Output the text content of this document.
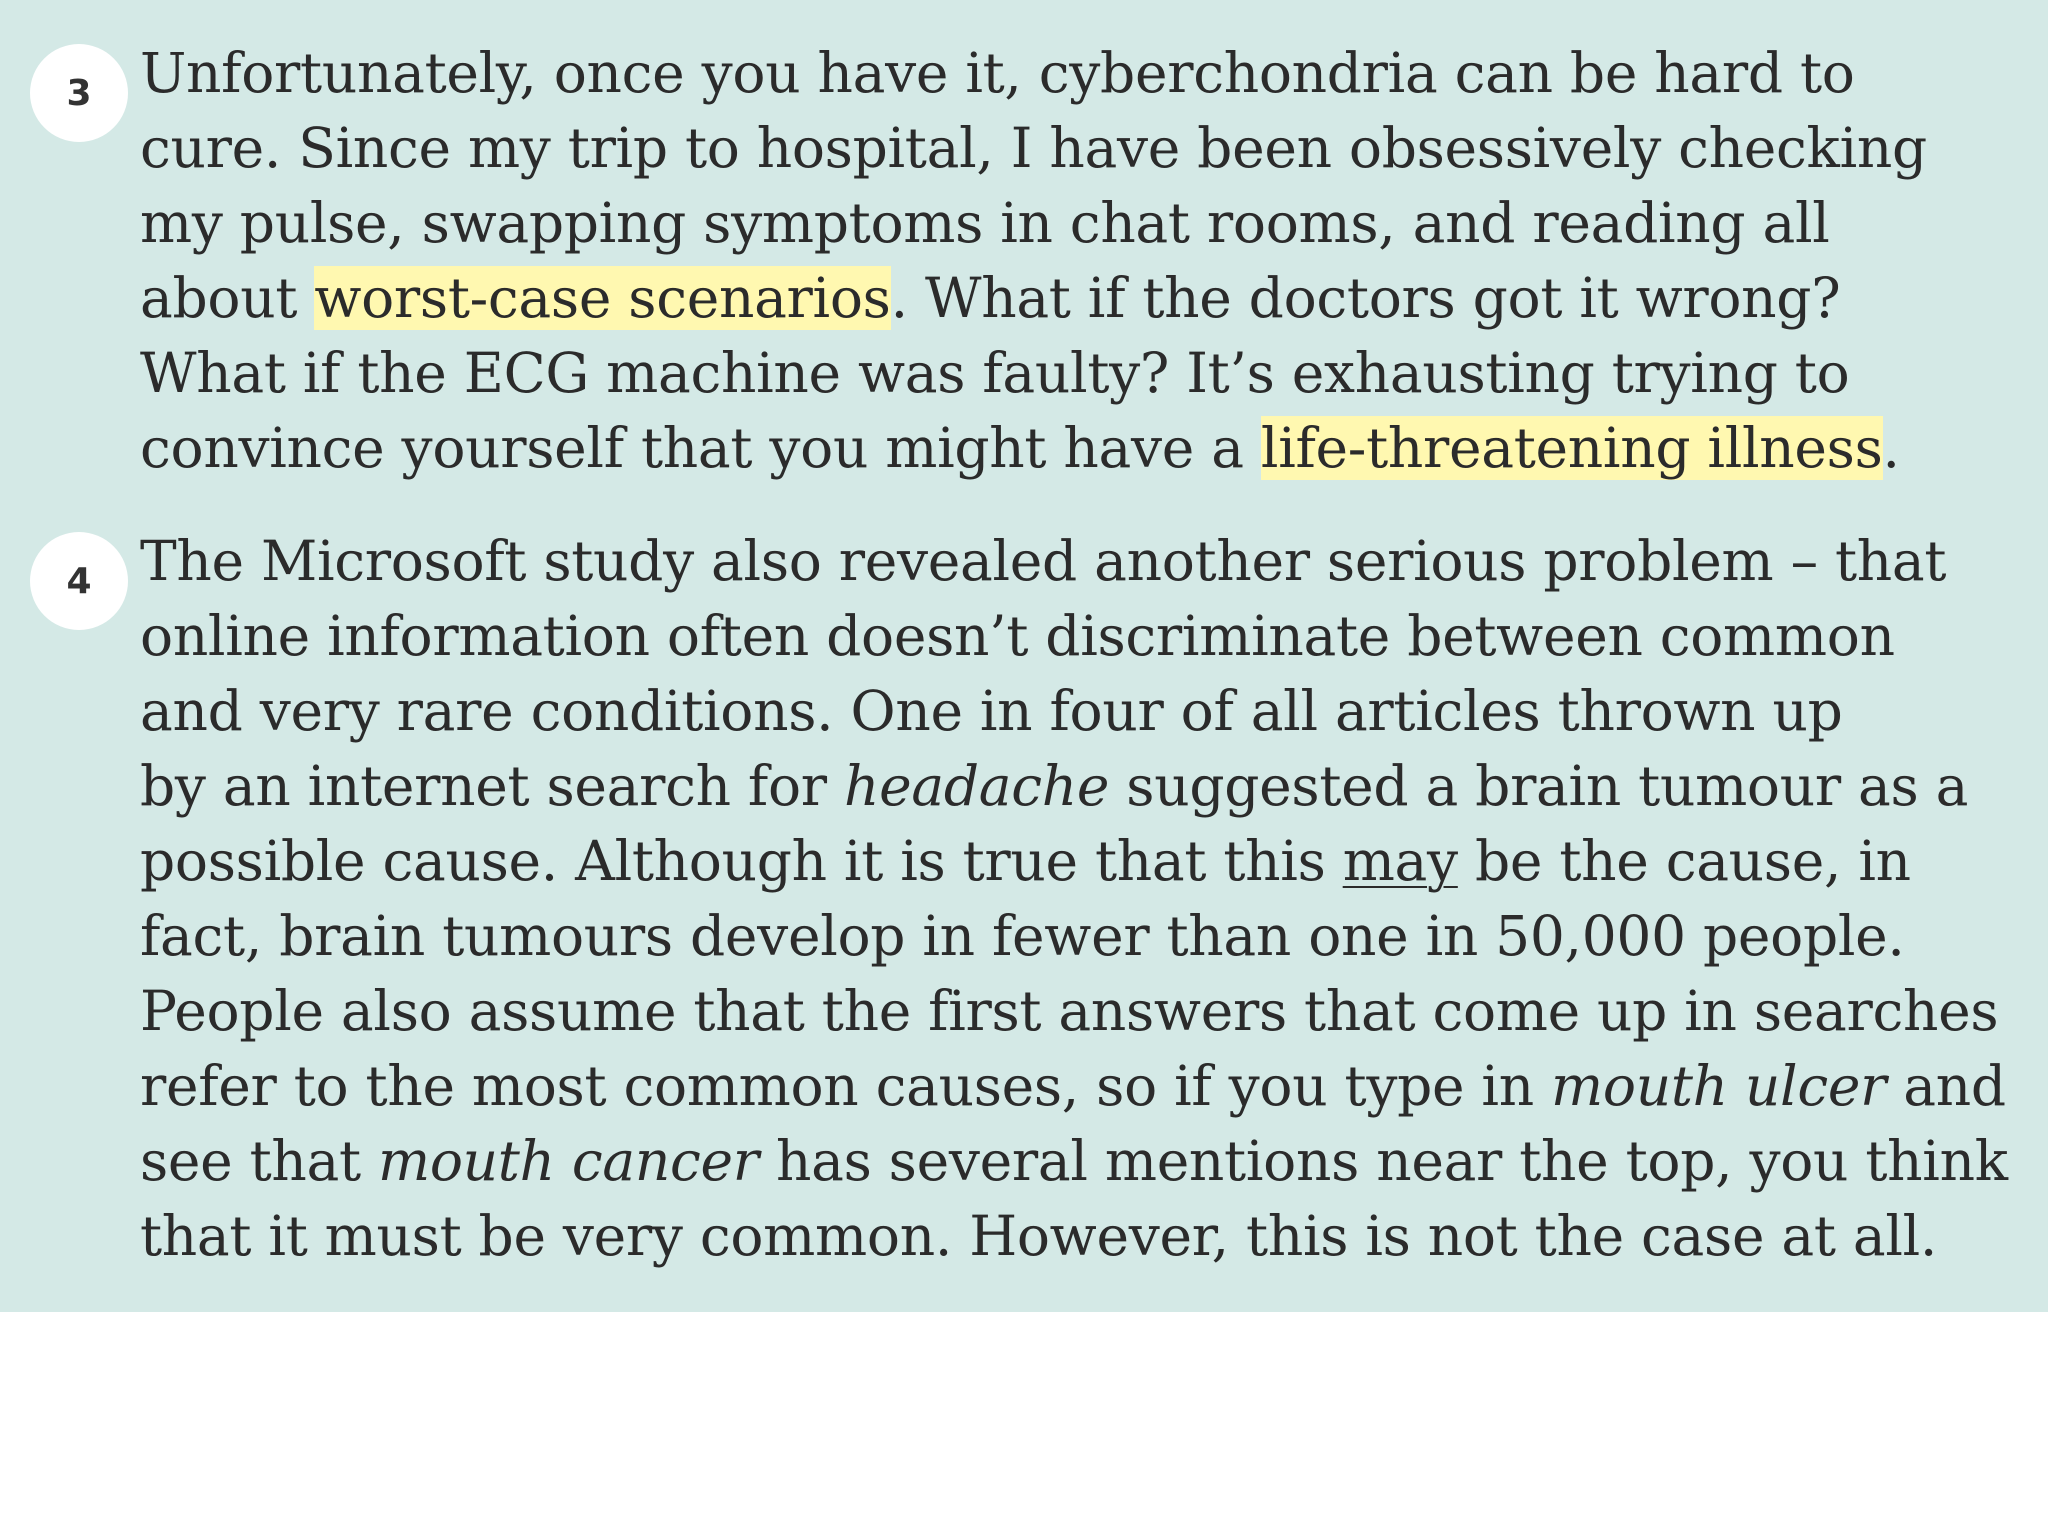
3 Unfortunately, once you have it, cyberchondria can be hard to
cure. Since my trip to hospital, I have been obsessively checking
my pulse, swapping symptoms in chat rooms, and reading all
about worst-case scenarios. What if the doctors got it wrong?
What if the ECG machine was faulty? It’s exhausting trying to
convince yourself that you might have a life-threatening illness.
4 The Microsoft study also revealed another serious problem – that
online information often doesn’t discriminate between common
and very rare conditions. One in four of all articles thrown up
by an internet search for headache suggested a brain tumour as a
possible cause. Although it is true that this may be the cause, in
fact, brain tumours develop in fewer than one in 50,000 people.
People also assume that the first answers that come up in searches
refer to the most common causes, so if you type in mouth ulcer and
see that mouth cancer has several mentions near the top, you think
that it must be very common. However, this is not the case at all.
